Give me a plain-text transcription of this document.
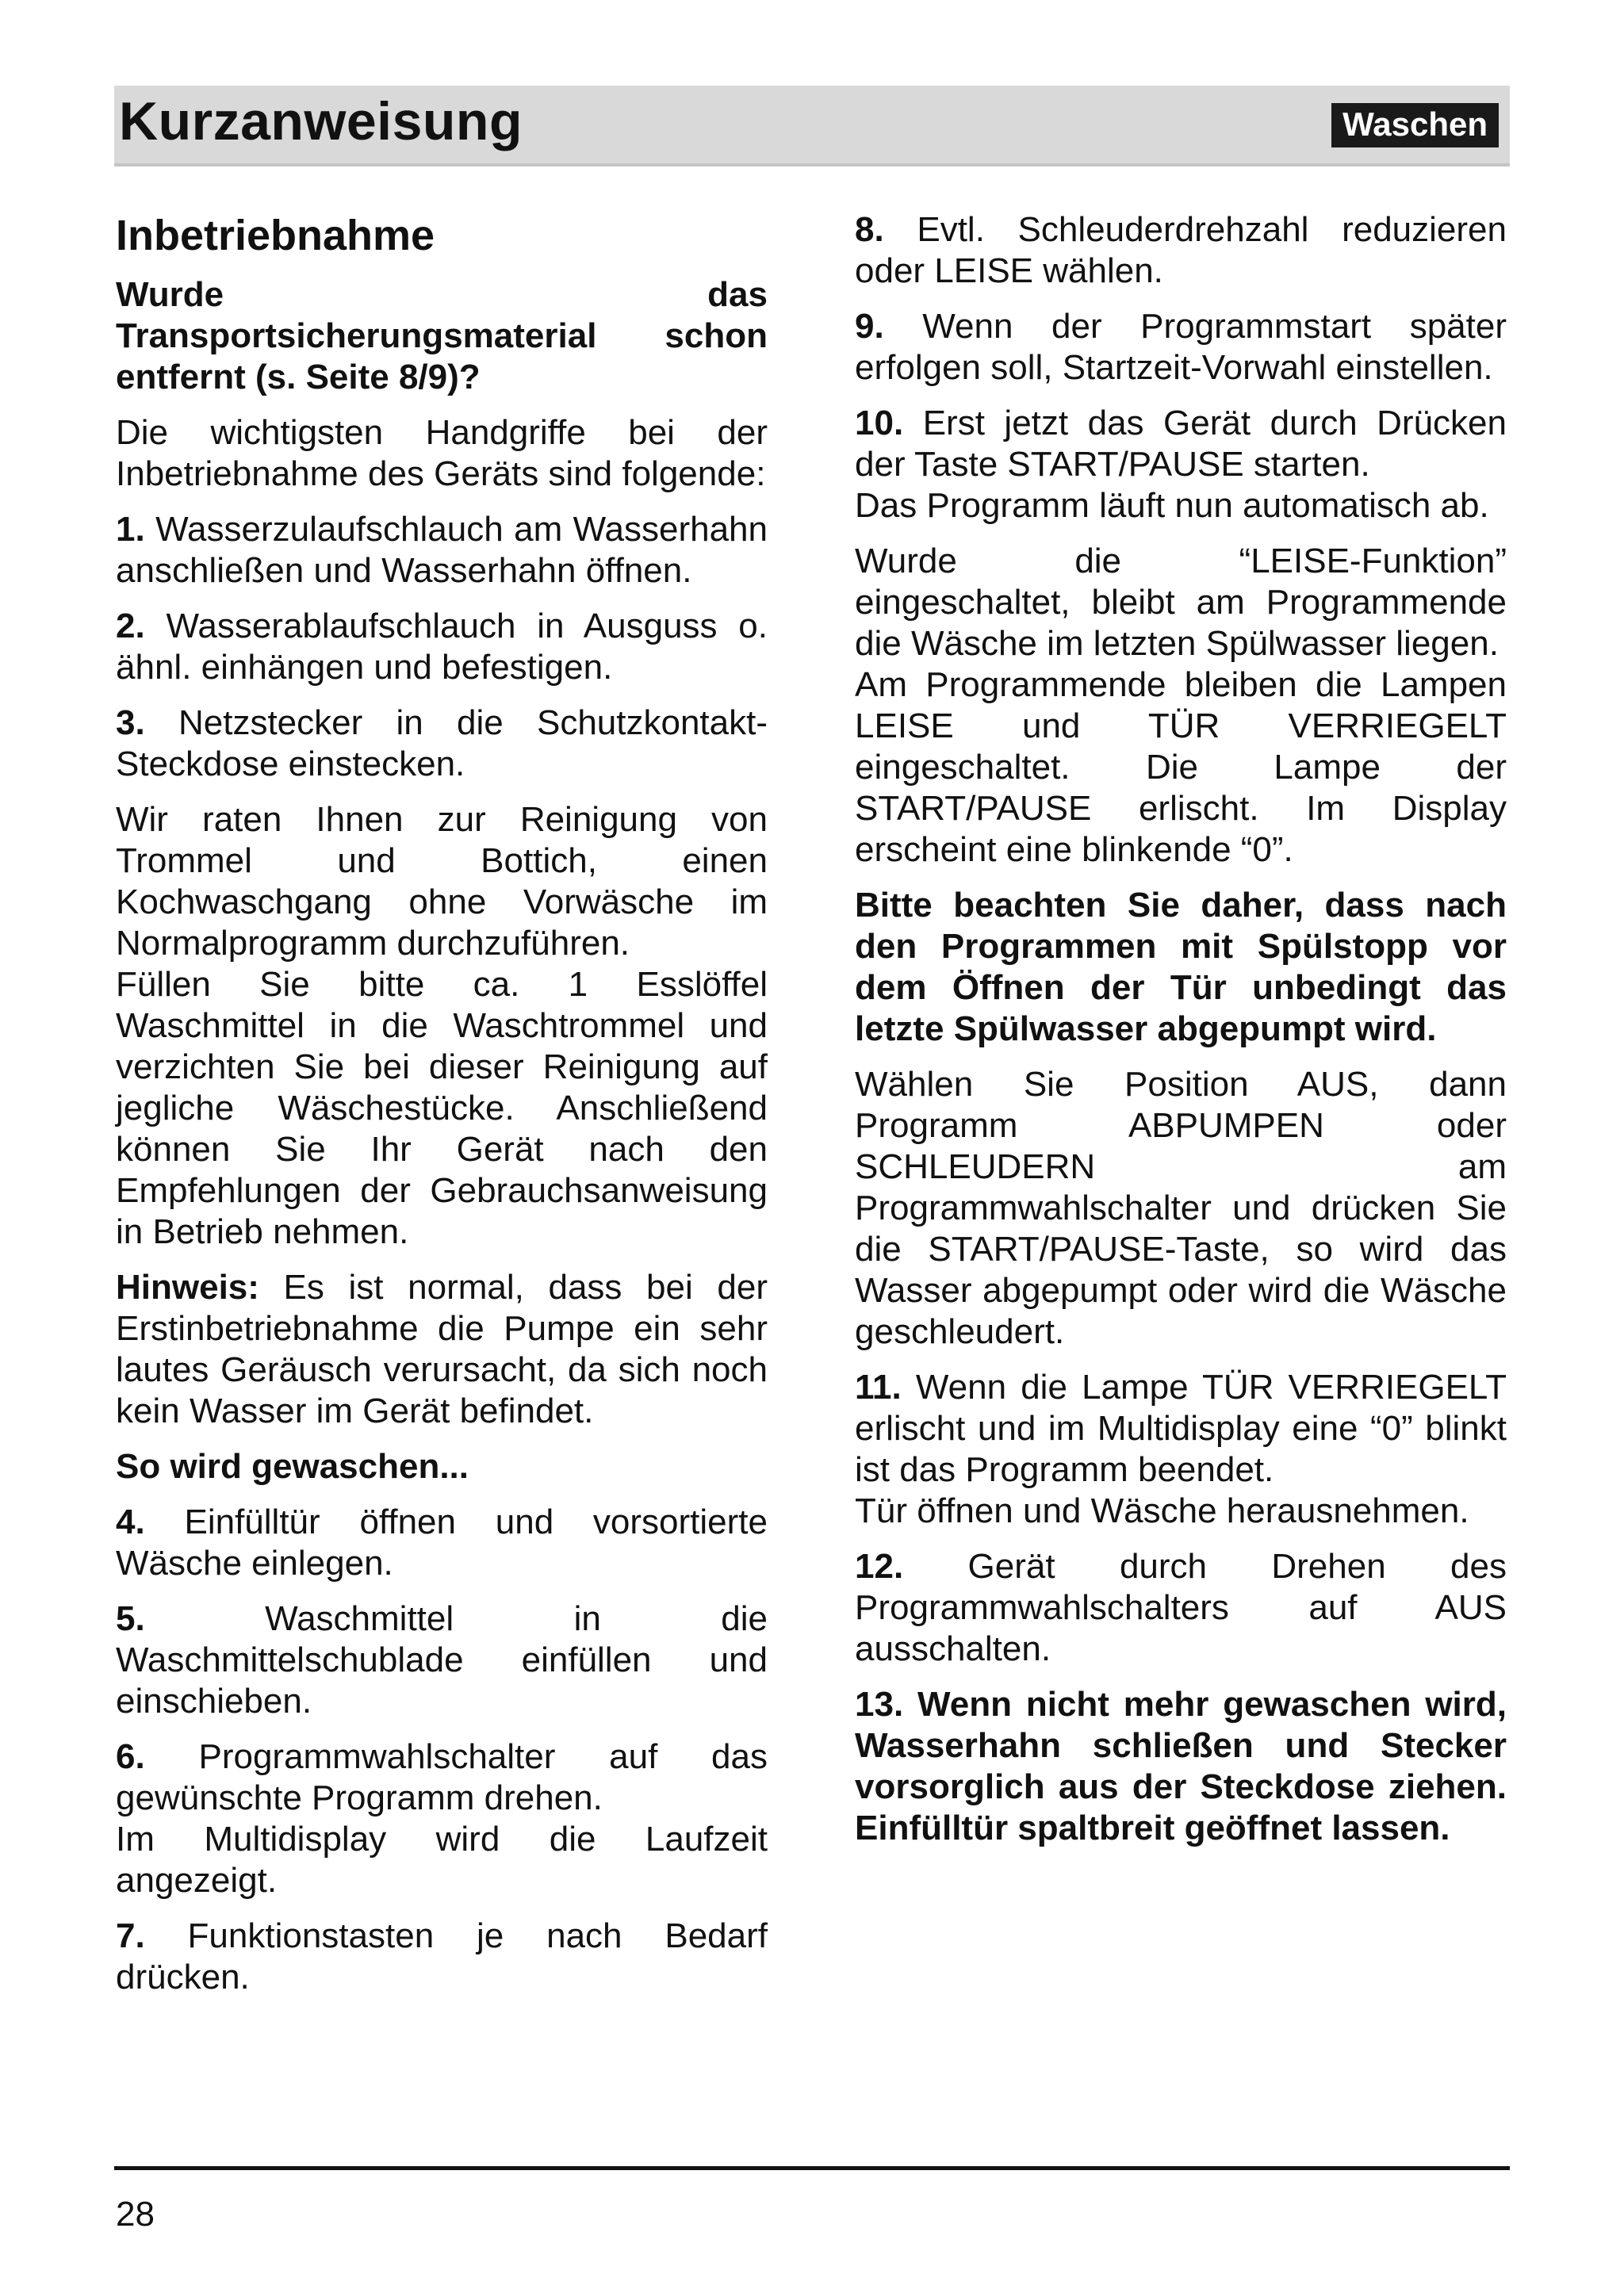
Kurzanweisung	Waschen
Inbetriebnahme

Wurde das Transportsicherungsmaterial schon entfernt (s. Seite 8/9)?

Die wichtigsten Handgriffe bei der Inbetriebnahme des Geräts sind folgende:

1. Wasserzulaufschlauch am Wasserhahn anschließen und Wasserhahn öffnen.

2. Wasserablaufschlauch in Ausguss o. ähnl. einhängen und befestigen.

3. Netzstecker in die Schutzkontakt-Steckdose einstecken.

Wir raten Ihnen zur Reinigung von Trommel und Bottich, einen Kochwaschgang ohne Vorwäsche im Normalprogramm durchzuführen.
Füllen Sie bitte ca. 1 Esslöffel Waschmittel in die Waschtrommel und verzichten Sie bei dieser Reinigung auf jegliche Wäschestücke. Anschließend können Sie Ihr Gerät nach den Empfehlungen der Gebrauchsanweisung in Betrieb nehmen.

Hinweis: Es ist normal, dass bei der Erstinbetriebnahme die Pumpe ein sehr lautes Geräusch verursacht, da sich noch kein Wasser im Gerät befindet.

So wird gewaschen...

4. Einfülltür öffnen und vorsortierte Wäsche einlegen.

5.	Waschmittel in die Waschmittelschublade einfüllen und einschieben.

6. Programmwahlschalter auf das gewünschte Programm drehen.
Im Multidisplay wird die Laufzeit angezeigt.

7. Funktionstasten je nach Bedarf drücken.

8. Evtl. Schleuderdrehzahl reduzieren oder LEISE wählen.

9. Wenn der Programmstart später erfolgen soll, Startzeit-Vorwahl einstellen.

10. Erst jetzt das Gerät durch Drücken der Taste START/PAUSE starten.
Das Programm läuft nun automatisch ab.

Wurde die “LEISE-Funktion” eingeschaltet, bleibt am Programmende die Wäsche im letzten Spülwasser liegen.
Am Programmende bleiben die Lampen LEISE und TÜR VERRIEGELT eingeschaltet. Die Lampe der START/PAUSE erlischt. Im Display erscheint eine blinkende “0”.

Bitte beachten Sie daher, dass nach den Programmen mit Spülstopp vor dem Öffnen der Tür unbedingt das letzte Spülwasser abgepumpt wird.

Wählen Sie Position AUS, dann Programm ABPUMPEN oder SCHLEUDERN am Programmwahlschalter und drücken Sie die START/PAUSE-Taste, so wird das Wasser abgepumpt oder wird die Wäsche geschleudert.

11. Wenn die Lampe TÜR VERRIEGELT erlischt und im Multidisplay eine “0” blinkt ist das Programm beendet.
Tür öffnen und Wäsche herausnehmen.

12. Gerät durch Drehen des Programmwahlschalters auf AUS ausschalten.

13. Wenn nicht mehr gewaschen wird, Wasserhahn schließen und Stecker vorsorglich aus der Steckdose ziehen. Einfülltür spaltbreit geöffnet lassen.

28
